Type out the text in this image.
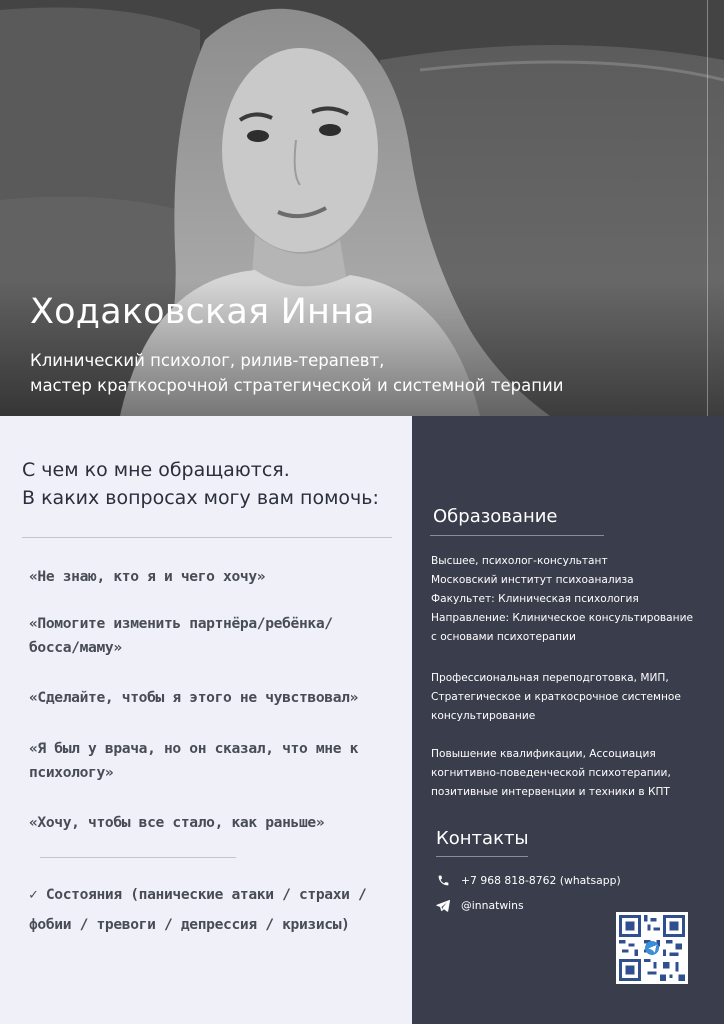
Ходаковская Инна
Клинический психолог, рилив-терапевт,
мастер краткосрочной стратегической и системной терапии
С чем ко мне обращаются.
В каких вопросах могу вам помочь:
«Не знаю, кто я и чего хочу»
«Помогите изменить партнёра/ребёнка/
босса/маму»
«Сделайте, чтобы я этого не чувствовал»
«Я был у врача, но он сказал, что мне к
психологу»
«Хочу, чтобы все стало, как раньше»
✓ Состояния (панические атаки / страхи /
фобии / тревоги / депрессия / кризисы)
Образование
Высшее, психолог-консультант
Московский институт психоанализа
Факультет: Клиническая психология
Направление: Клиническое консультирование
с основами психотерапии
Профессиональная переподготовка, МИП,
Стратегическое и краткосрочное системное
консультирование
Повышение квалификации, Ассоциация
когнитивно-поведенческой психотерапии,
позитивные интервенции и техники в КПТ
Контакты
+7 968 818-8762 (whatsapp)
@innatwins
